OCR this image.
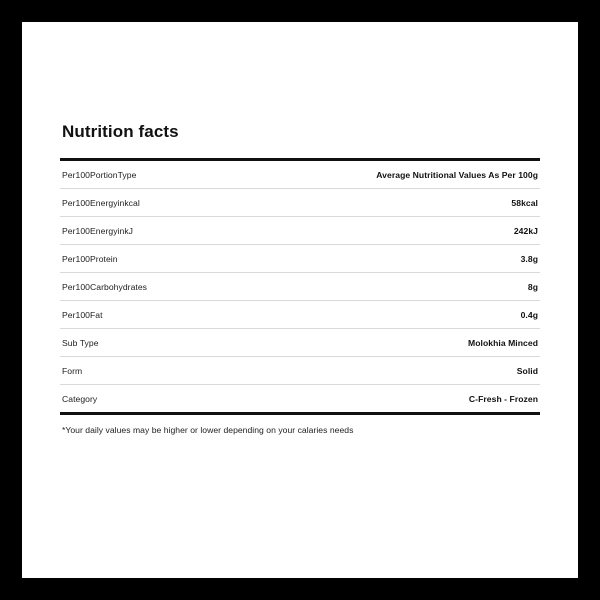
Nutrition facts
Per100PortionType	Average Nutritional Values As Per 100g
Per100Energyinkcal	58kcal
Per100EnergyinkJ	242kJ
Per100Protein	3.8g
Per100Carbohydrates	8g
Per100Fat	0.4g
Sub Type	Molokhia Minced
Form	Solid
Category	C-Fresh - Frozen
*Your daily values may be higher or lower depending on your calaries needs
